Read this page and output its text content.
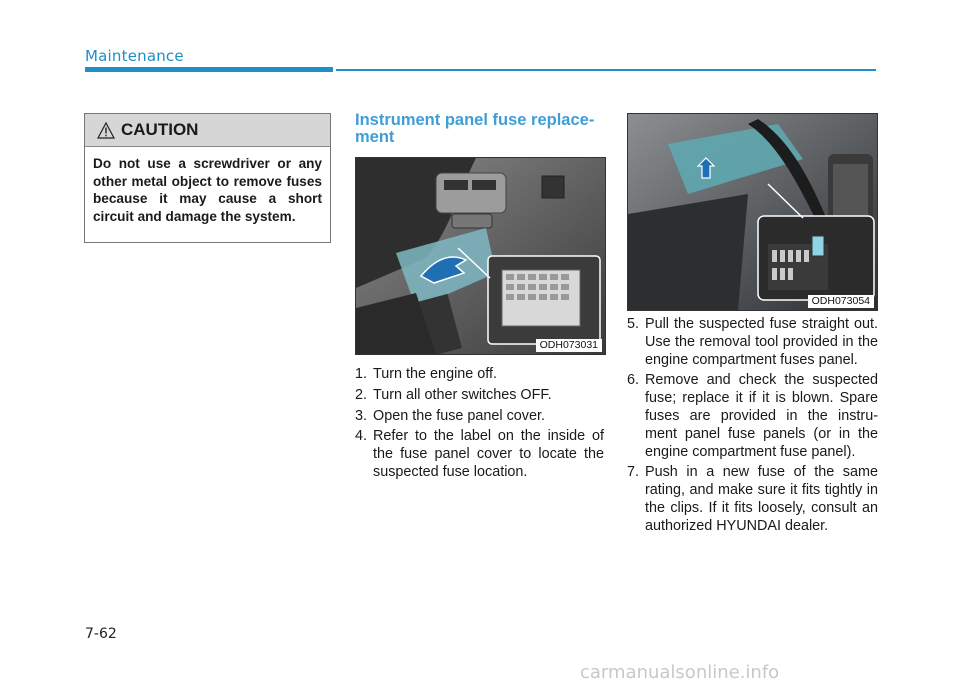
Maintenance
CAUTION
Do not use a screwdriver or any other metal object to remove fuses because it may cause a short circuit and damage the system.
Instrument panel fuse replace-ment
ODH073031
ODH073054
1. Turn the engine off.
2. Turn all other switches OFF.
3. Open the fuse panel cover.
4. Refer to the label on the inside of the fuse panel cover to locate the suspected fuse location.
5. Pull the suspected fuse straight out. Use the removal tool provided in the engine compartment fuses panel.
6. Remove and check the suspected fuse; replace it if it is blown. Spare fuses are provided in the instru-ment panel fuse panels (or in the engine compartment fuse panel).
7. Push in a new fuse of the same rating, and make sure it fits tightly in the clips. If it fits loosely, consult an authorized HYUNDAI dealer.
7-62
carmanualsonline.info
